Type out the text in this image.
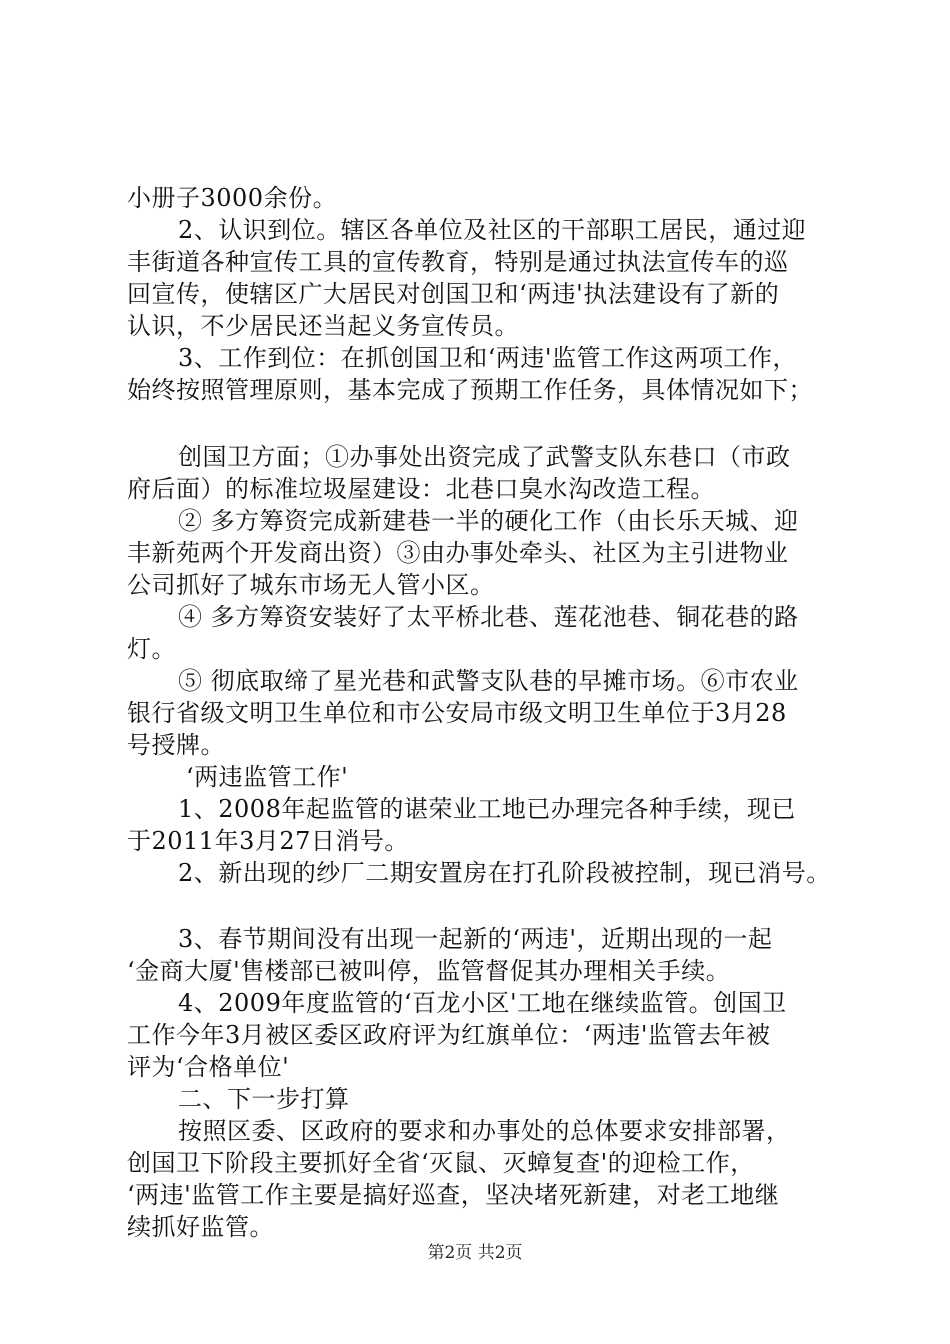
小册子3000余份。
2、认识到位。辖区各单位及社区的干部职工居民，通过迎
丰街道各种宣传工具的宣传教育，特别是通过执法宣传车的巡
回宣传，使辖区广大居民对创国卫和‘两违'执法建设有了新的
认识，不少居民还当起义务宣传员。
3、工作到位：在抓创国卫和‘两违'监管工作这两项工作，
始终按照管理原则，基本完成了预期工作任务，具体情况如下；
创国卫方面；①办事处出资完成了武警支队东巷口（市政
府后面）的标准垃圾屋建设：北巷口臭水沟改造工程。
② 多方筹资完成新建巷一半的硬化工作（由长乐天城、迎
丰新苑两个开发商出资）③由办事处牵头、社区为主引进物业
公司抓好了城东市场无人管小区。
④ 多方筹资安装好了太平桥北巷、莲花池巷、铜花巷的路
灯。
⑤ 彻底取缔了星光巷和武警支队巷的早摊市场。⑥市农业
银行省级文明卫生单位和市公安局市级文明卫生单位于3月28
号授牌。
‘两违监管工作'
1、2008年起监管的谌荣业工地已办理完各种手续，现已
于2011年3月27日消号。
2、新出现的纱厂二期安置房在打孔阶段被控制，现已消号。
3、春节期间没有出现一起新的‘两违'，近期出现的一起
‘金商大厦'售楼部已被叫停，监管督促其办理相关手续。
4、2009年度监管的‘百龙小区'工地在继续监管。创国卫
工作今年3月被区委区政府评为红旗单位：‘两违'监管去年被
评为‘合格单位'
二、下一步打算
按照区委、区政府的要求和办事处的总体要求安排部署，
创国卫下阶段主要抓好全省‘灭鼠、灭蟑复查'的迎检工作，
‘两违'监管工作主要是搞好巡查，坚决堵死新建，对老工地继
续抓好监管。
第2页 共2页
